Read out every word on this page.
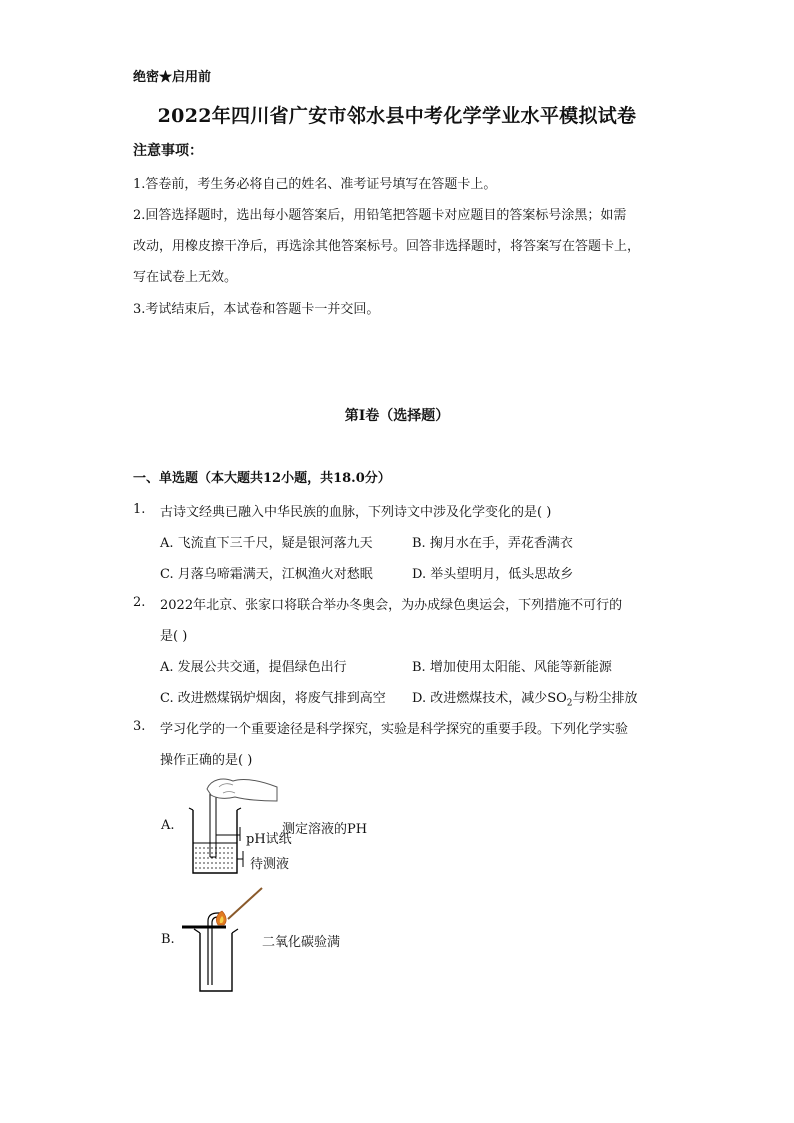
绝密★启用前
2022年四川省广安市邻水县中考化学学业水平模拟试卷
注意事项：
1.答卷前，考生务必将自己的姓名、准考证号填写在答题卡上。
2.回答选择题时，选出每小题答案后，用铅笔把答题卡对应题目的答案标号涂黑；如需
改动，用橡皮擦干净后，再选涂其他答案标号。回答非选择题时，将答案写在答题卡上，
写在试卷上无效。
3.考试结束后，本试卷和答题卡一并交回。
第I卷（选择题）
一、单选题（本大题共12小题，共18.0分）
1. 古诗文经典已融入中华民族的血脉，下列诗文中涉及化学变化的是( )
A. 飞流直下三千尺，疑是银河落九天	B. 掬月水在手，弄花香满衣
C. 月落乌啼霜满天，江枫渔火对愁眠	D. 举头望明月，低头思故乡
2. 2022年北京、张家口将联合举办冬奥会，为办成绿色奥运会，下列措施不可行的
是( )
A. 发展公共交通，提倡绿色出行	B. 增加使用太阳能、风能等新能源
C. 改进燃煤锅炉烟囱，将废气排到高空 D. 改进燃煤技术，减少$SO_2$与粉尘排放
3. 学习化学的一个重要途径是科学探究，实验是科学探究的重要手段。下列化学实验
操作正确的是( )
A.
pH试纸
待测液
测定溶液的PH
B.	二氧化碳验满
